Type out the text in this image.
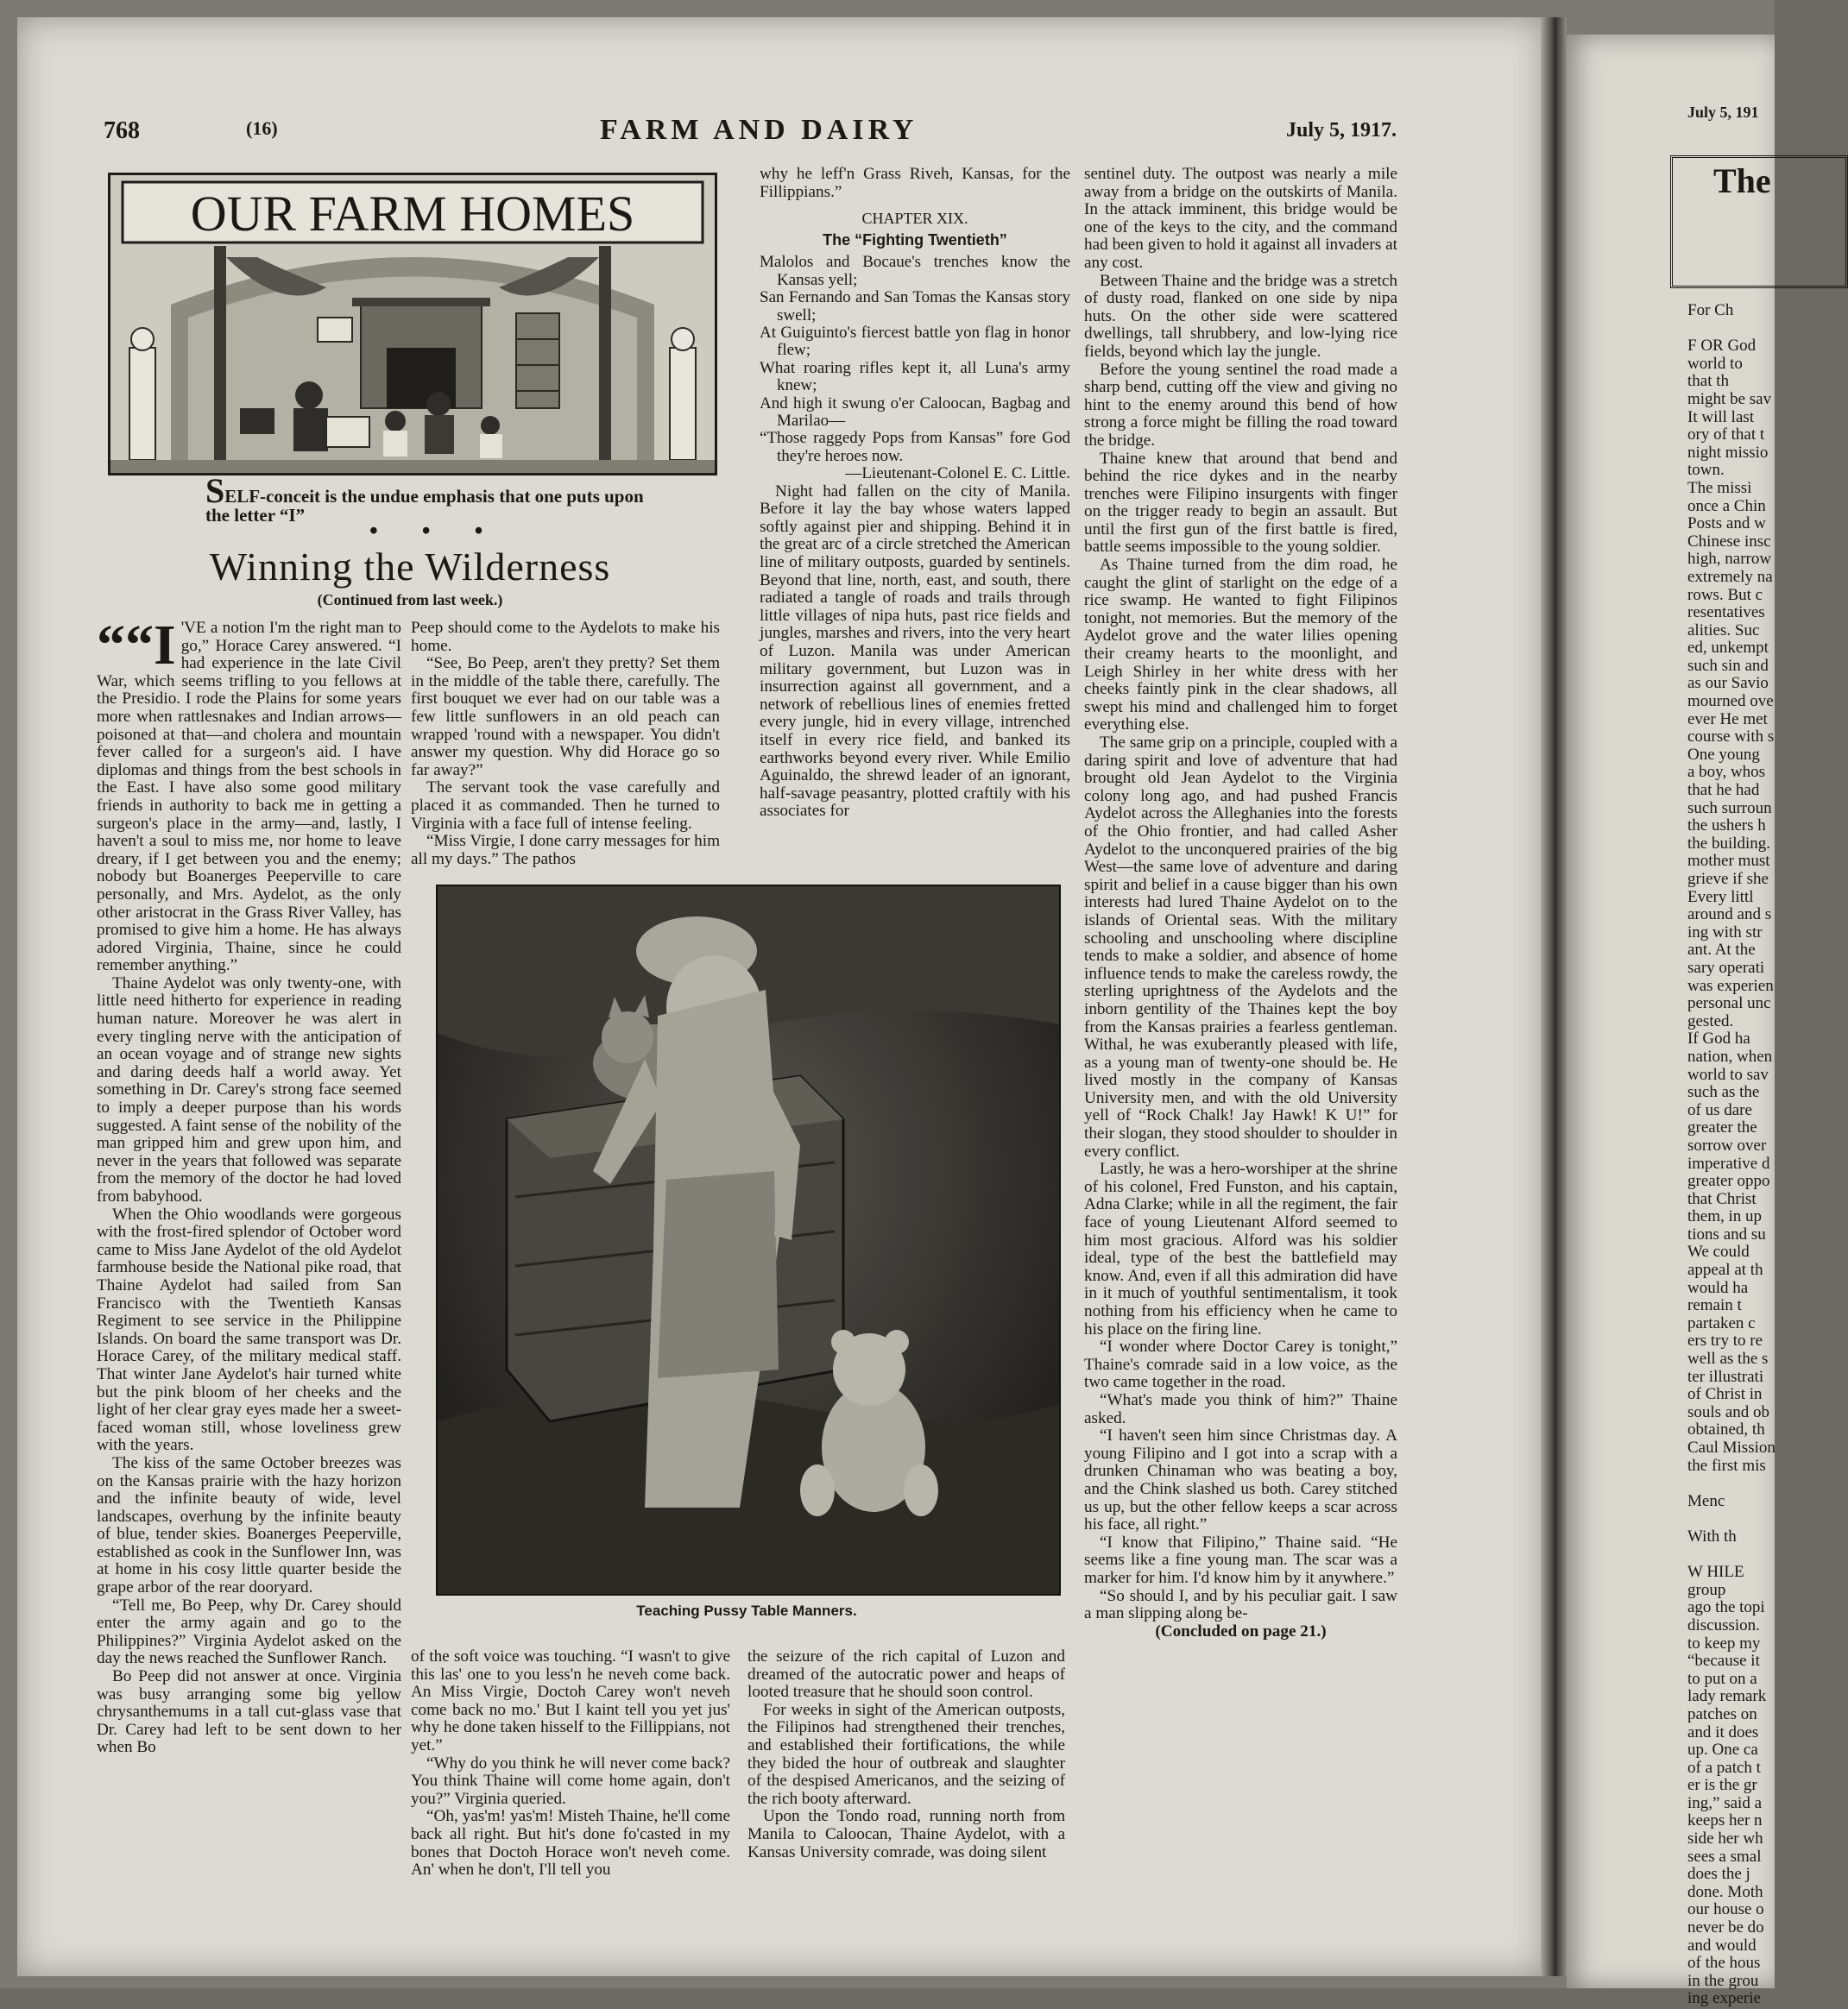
768	(16)	FARM AND DAIRY	July 5, 1917.
OUR FARM HOMES
SELF-conceit is the undue emphasis that one puts upon the letter “I”
• • •
Winning the Wilderness
(Continued from last week.)

““I 'VE a notion I'm the right man to go,” Horace Carey answered. “I had experience in the late Civil War, which seems trifling to you fellows at the Presidio. I rode the Plains for some years more when rattlesnakes and Indian arrows—poisoned at that—and cholera and mountain fever called for a surgeon's aid. I have diplomas and things from the best schools in the East. I have also some good military friends in authority to back me in getting a surgeon's place in the army—and, lastly, I haven't a soul to miss me, nor home to leave dreary, if I get between you and the enemy; nobody but Boanerges Peeperville to care personally, and Mrs. Aydelot, as the only other aristocrat in the Grass River Valley, has promised to give him a home. He has always adored Virginia, Thaine, since he could remember anything.”

Thaine Aydelot was only twenty-one, with little need hitherto for experience in reading human nature. Moreover he was alert in every tingling nerve with the anticipation of an ocean voyage and of strange new sights and daring deeds half a world away. Yet something in Dr. Carey's strong face seemed to imply a deeper purpose than his words suggested. A faint sense of the nobility of the man gripped him and grew upon him, and never in the years that followed was separate from the memory of the doctor he had loved from babyhood.

When the Ohio woodlands were gorgeous with the frost-fired splendor of October word came to Miss Jane Aydelot of the old Aydelot farmhouse beside the National pike road, that Thaine Aydelot had sailed from San Francisco with the Twentieth Kansas Regiment to see service in the Philippine Islands. On board the same transport was Dr. Horace Carey, of the military medical staff. That winter Jane Aydelot's hair turned white but the pink bloom of her cheeks and the light of her clear gray eyes made her a sweet-faced woman still, whose loveliness grew with the years.

The kiss of the same October breezes was on the Kansas prairie with the hazy horizon and the infinite beauty of wide, level landscapes, overhung by the infinite beauty of blue, tender skies. Boanerges Peeperville, established as cook in the Sunflower Inn, was at home in his cosy little quarter beside the grape arbor of the rear dooryard.

“Tell me, Bo Peep, why Dr. Carey should enter the army again and go to the Philippines?” Virginia Aydelot asked on the day the news reached the Sunflower Ranch.

Bo Peep did not answer at once. Virginia was busy arranging some big yellow chrysanthemums in a tall cut-glass vase that Dr. Carey had left to be sent down to her when Bo

Peep should come to the Aydelots to make his home.

“See, Bo Peep, aren't they pretty? Set them in the middle of the table there, carefully. The first bouquet we ever had on our table was a few little sunflowers in an old peach can wrapped 'round with a newspaper. You didn't answer my question. Why did Horace go so far away?”

The servant took the vase carefully and placed it as commanded. Then he turned to Virginia with a face full of intense feeling.

“Miss Virgie, I done carry messages for him all my days.” The pathos

why he leff'n Grass Riveh, Kansas, for the Fillippians.”

CHAPTER XIX.
The “Fighting Twentieth”
Malolos and Bocaue's trenches know the Kansas yell;
San Fernando and San Tomas the Kansas story swell;
At Guiguinto's fiercest battle yon flag in honor flew;
What roaring rifles kept it, all Luna's army knew;
And high it swung o'er Caloocan, Bagbag and Marilao—
“Those raggedy Pops from Kansas” fore God they're heroes now.
—Lieutenant-Colonel E. C. Little.

Night had fallen on the city of Manila. Before it lay the bay whose waters lapped softly against pier and shipping. Behind it in the great arc of a circle stretched the American line of military outposts, guarded by sentinels. Beyond that line, north, east, and south, there radiated a tangle of roads and trails through little villages of nipa huts, past rice fields and jungles, marshes and rivers, into the very heart of Luzon. Manila was under American military government, but Luzon was in insurrection against all government, and a network of rebellious lines of enemies fretted every jungle, hid in every village, intrenched itself in every rice field, and banked its earthworks beyond every river. While Emilio Aguinaldo, the shrewd leader of an ignorant, half-savage peasantry, plotted craftily with his associates for

sentinel duty. The outpost was nearly a mile away from a bridge on the outskirts of Manila. In the attack imminent, this bridge would be one of the keys to the city, and the command had been given to hold it against all invaders at any cost.

Between Thaine and the bridge was a stretch of dusty road, flanked on one side by nipa huts. On the other side were scattered dwellings, tall shrubbery, and low-lying rice fields, beyond which lay the jungle.

Before the young sentinel the road made a sharp bend, cutting off the view and giving no hint to the enemy around this bend of how strong a force might be filling the road toward the bridge.

Thaine knew that around that bend and behind the rice dykes and in the nearby trenches were Filipino insurgents with finger on the trigger ready to begin an assault. But until the first gun of the first battle is fired, battle seems impossible to the young soldier.

As Thaine turned from the dim road, he caught the glint of starlight on the edge of a rice swamp. He wanted to fight Filipinos tonight, not memories. But the memory of the Aydelot grove and the water lilies opening their creamy hearts to the moonlight, and Leigh Shirley in her white dress with her cheeks faintly pink in the clear shadows, all swept his mind and challenged him to forget everything else.

The same grip on a principle, coupled with a daring spirit and love of adventure that had brought old Jean Aydelot to the Virginia colony long ago, and had pushed Francis Aydelot across the Alleghanies into the forests of the Ohio frontier, and had called Asher Aydelot to the unconquered prairies of the big West—the same love of adventure and daring spirit and belief in a cause bigger than his own interests had lured Thaine Aydelot on to the islands of Oriental seas. With the military schooling and unschooling where discipline tends to make a soldier, and absence of home influence tends to make the careless rowdy, the sterling uprightness of the Aydelots and the inborn gentility of the Thaines kept the boy from the Kansas prairies a fearless gentleman. Withal, he was exuberantly pleased with life, as a young man of twenty-one should be. He lived mostly in the company of Kansas University men, and with the old University yell of “Rock Chalk! Jay Hawk! K U!” for their slogan, they stood shoulder to shoulder in every conflict.

Lastly, he was a hero-worshiper at the shrine of his colonel, Fred Funston, and his captain, Adna Clarke; while in all the regiment, the fair face of young Lieutenant Alford seemed to him most gracious. Alford was his soldier ideal, type of the best the battlefield may know. And, even if all this admiration did have in it much of youthful sentimentalism, it took nothing from his efficiency when he came to his place on the firing line.

“I wonder where Doctor Carey is tonight,” Thaine's comrade said in a low voice, as the two came together in the road.

“What's made you think of him?” Thaine asked.

“I haven't seen him since Christmas day. A young Filipino and I got into a scrap with a drunken Chinaman who was beating a boy, and the Chink slashed us both. Carey stitched us up, but the other fellow keeps a scar across his face, all right.”

“I know that Filipino,” Thaine said. “He seems like a fine young man. The scar was a marker for him. I'd know him by it anywhere.”

“So should I, and by his peculiar gait. I saw a man slipping along be-

(Concluded on page 21.)
Teaching Pussy Table Manners.

of the soft voice was touching. “I wasn't to give this las' one to you less'n he neveh come back. An Miss Virgie, Doctoh Carey won't neveh come back no mo.' But I kaint tell you yet jus' why he done taken hisself to the Fillippians, not yet.”

“Why do you think he will never come back? You think Thaine will come home again, don't you?” Virginia queried.

“Oh, yas'm! yas'm! Misteh Thaine, he'll come back all right. But hit's done fo'casted in my bones that Doctoh Horace won't neveh come. An' when he don't, I'll tell you

the seizure of the rich capital of Luzon and dreamed of the autocratic power and heaps of looted treasure that he should soon control.

For weeks in sight of the American outposts, the Filipinos had strengthened their trenches, and established their fortifications, the while they bided the hour of outbreak and slaughter of the despised Americanos, and the seizing of the rich booty afterward.

Upon the Tondo road, running north from Manila to Caloocan, Thaine Aydelot, with a Kansas University comrade, was doing silent

July 5, 191
The
For Ch

F OR God
world to
that th
might be sav
It will last
ory of that t
night missio
town.
The missi
once a Chin
Posts and w
Chinese insc
high, narrow
extremely na
rows. But c
resentatives
alities. Suc
ed, unkempt
such sin and
as our Savio
mourned ove
ever He met
course with s
One young
a boy, whos
that he had
such surroun
the ushers h
the building.
mother must
grieve if she
Every littl
around and s
ing with str
ant. At the
sary operati
was experien
personal unc
gested.
If God ha
nation, when
world to sav
such as the
of us dare
greater the
sorrow over
imperative d
greater oppo
that Christ
them, in up
tions and su
We could
appeal at th
would ha
remain t
partaken c
ers try to re
well as the s
ter illustrati
of Christ in
souls and ob
obtained, th
Caul Mission
the first mis

Menc

With th

W HILE
group
ago the topi
discussion.
to keep my
“because it
to put on a
lady remark
patches on
and it does
up. One ca
of a patch t
er is the gr
ing,” said a
keeps her n
side her wh
sees a smal
does the j
done. Moth
our house o
never be do
and would
of the hous
in the grou
ing experie
